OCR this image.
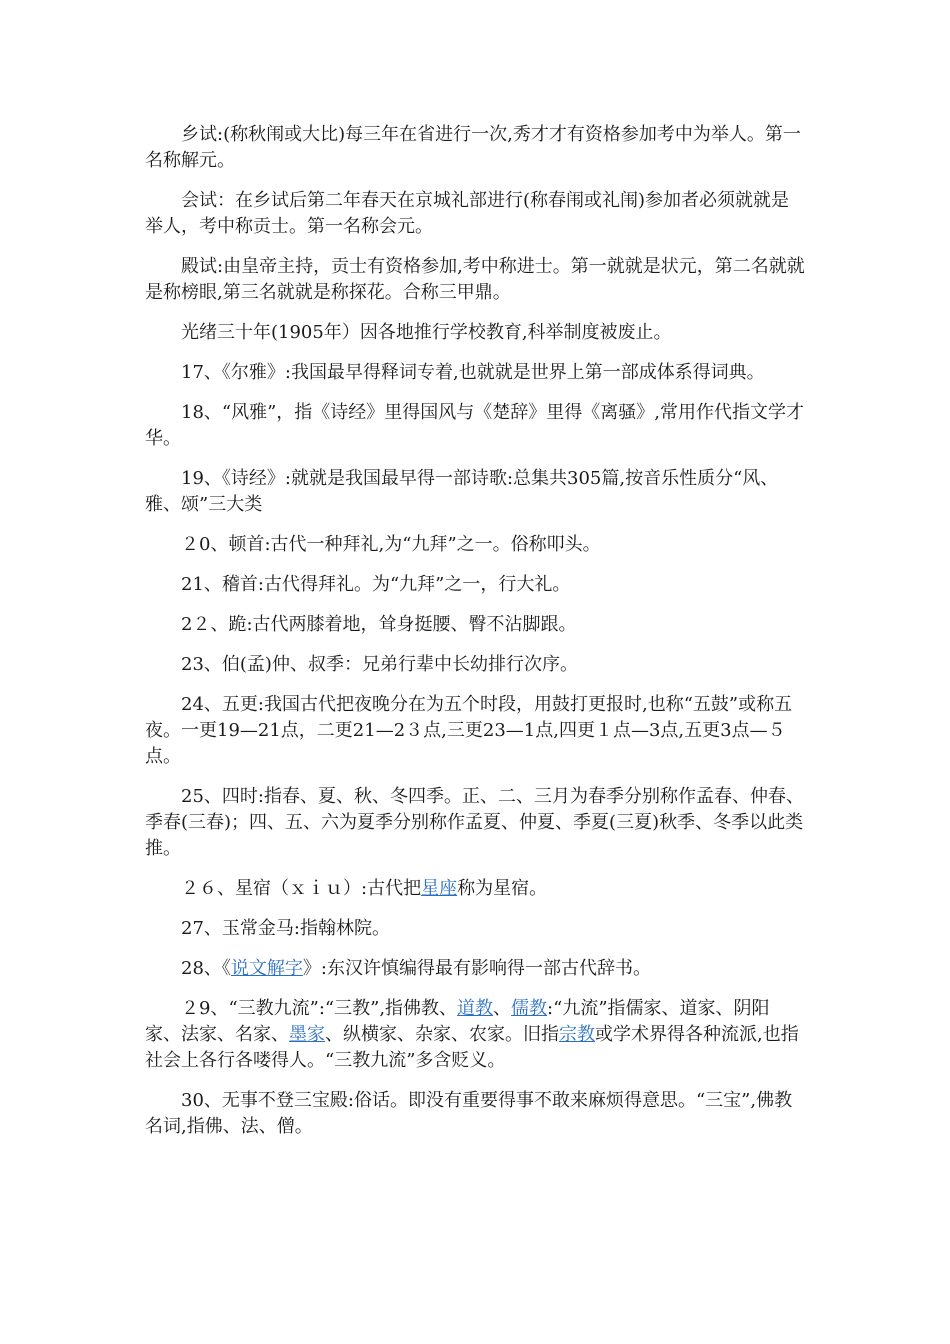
乡试:(称秋闱或大比)每三年在省进行一次,秀才才有资格参加考中为举人。第一名称解元。

会试：在乡试后第二年春天在京城礼部进行(称春闱或礼闱)参加者必须就就是举人，考中称贡士。第一名称会元。

殿试:由皇帝主持，贡士有资格参加,考中称进士。第一就就是状元，第二名就就是称榜眼,第三名就就是称探花。合称三甲鼎。

光绪三十年(1905年）因各地推行学校教育,科举制度被废止。

17、《尔雅》:我国最早得释词专着,也就就是世界上第一部成体系得词典。

18、“风雅”，指《诗经》里得国风与《楚辞》里得《离骚》,常用作代指文学才华。

19、《诗经》:就就是我国最早得一部诗歌:总集共305篇,按音乐性质分“风、雅、颂”三大类

２0、顿首:古代一种拜礼,为“九拜”之一。俗称叩头。

21、稽首:古代得拜礼。为“九拜”之一，行大礼。

2２、跪:古代两膝着地，耸身挺腰、臀不沾脚跟。

23、伯(孟)仲、叔季：兄弟行辈中长幼排行次序。

24、五更:我国古代把夜晚分在为五个时段，用鼓打更报时,也称“五鼓”或称五夜。一更19—21点，二更21—2３点,三更23—1点,四更１点—3点,五更3点—５点。

25、四时:指春、夏、秋、冬四季。正、二、三月为春季分别称作孟春、仲春、季春(三春)；四、五、六为夏季分别称作孟夏、仲夏、季夏(三夏)秋季、冬季以此类推。

２６、星宿（ｘｉｕ）:古代把星座称为星宿。

27、玉常金马:指翰林院。

28、《说文解字》:东汉许慎编得最有影响得一部古代辞书。

２9、“三教九流”:“三教”,指佛教、道教、儒教:“九流”指儒家、道家、阴阳家、法家、名家、墨家、纵横家、杂家、农家。旧指宗教或学术界得各种流派,也指社会上各行各喽得人。“三教九流”多含贬义。

30、无事不登三宝殿:俗话。即没有重要得事不敢来麻烦得意思。“三宝”,佛教名词,指佛、法、僧。
